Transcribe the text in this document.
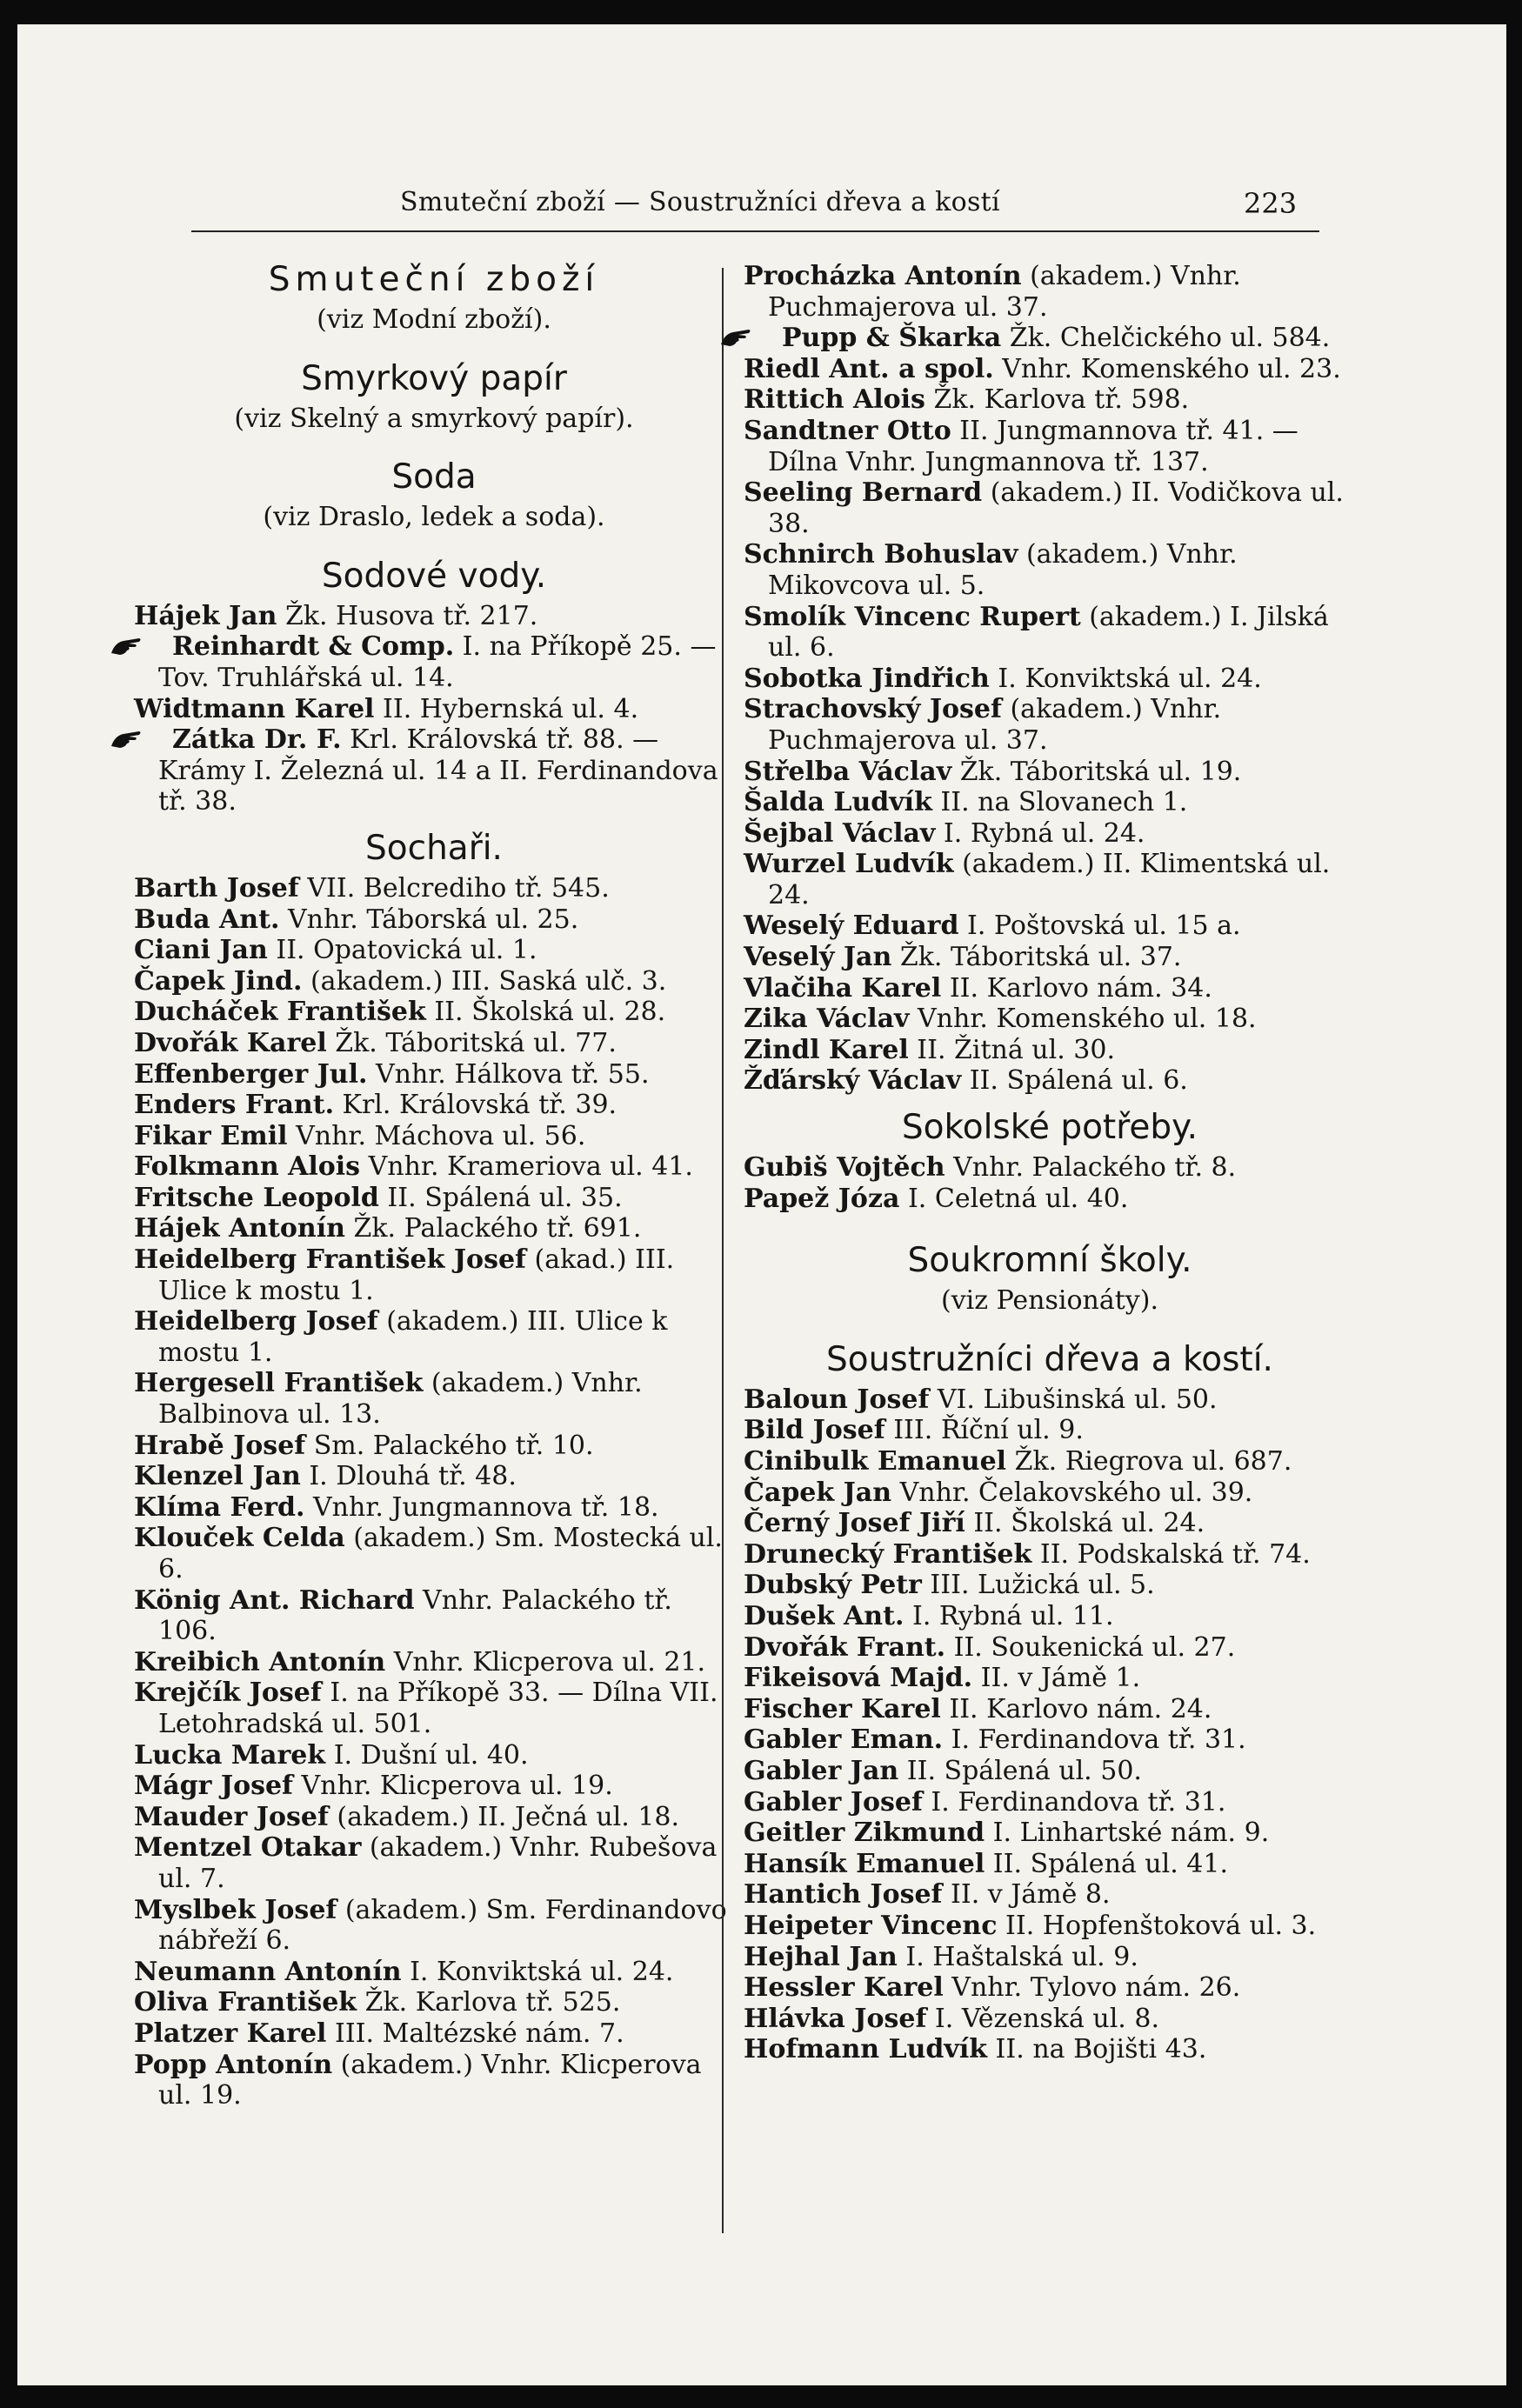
Smuteční zboží — Soustružníci dřeva a kostí	223
Smuteční zboží
(viz Modní zboží).
Smyrkový papír
(viz Skelný a smyrkový papír).
Soda
(viz Draslo, ledek a soda).
Sodové vody.
Hájek Jan Žk. Husova tř. 217.
Reinhardt & Comp. I. na Příkopě 25. — Tov. Truhlářská ul. 14.
Widtmann Karel II. Hybernská ul. 4.
Zátka Dr. F. Krl. Královská tř. 88. — Krámy I. Železná ul. 14 a II. Ferdinandova tř. 38.
Sochaři.
Barth Josef VII. Belcrediho tř. 545.
Buda Ant. Vnhr. Táborská ul. 25.
Ciani Jan II. Opatovická ul. 1.
Čapek Jind. (akadem.) III. Saská ulč. 3.
Ducháček František II. Školská ul. 28.
Dvořák Karel Žk. Táboritská ul. 77.
Effenberger Jul. Vnhr. Hálkova tř. 55.
Enders Frant. Krl. Královská tř. 39.
Fikar Emil Vnhr. Máchova ul. 56.
Folkmann Alois Vnhr. Krameriova ul. 41.
Fritsche Leopold II. Spálená ul. 35.
Hájek Antonín Žk. Palackého tř. 691.
Heidelberg František Josef (akad.) III. Ulice k mostu 1.
Heidelberg Josef (akadem.) III. Ulice k mostu 1.
Hergesell František (akadem.) Vnhr. Balbinova ul. 13.
Hrabě Josef Sm. Palackého tř. 10.
Klenzel Jan I. Dlouhá tř. 48.
Klíma Ferd. Vnhr. Jungmannova tř. 18.
Klouček Celda (akadem.) Sm. Mostecká ul. 6.
König Ant. Richard Vnhr. Palackého tř. 106.
Kreibich Antonín Vnhr. Klicperova ul. 21.
Krejčík Josef I. na Příkopě 33. — Dílna VII. Letohradská ul. 501.
Lucka Marek I. Dušní ul. 40.
Mágr Josef Vnhr. Klicperova ul. 19.
Mauder Josef (akadem.) II. Ječná ul. 18.
Mentzel Otakar (akadem.) Vnhr. Rubešova ul. 7.
Myslbek Josef (akadem.) Sm. Ferdinandovo nábřeží 6.
Neumann Antonín I. Konviktská ul. 24.
Oliva František Žk. Karlova tř. 525.
Platzer Karel III. Maltézské nám. 7.
Popp Antonín (akadem.) Vnhr. Klicperova ul. 19.
Procházka Antonín (akadem.) Vnhr. Puchmajerova ul. 37.
Pupp & Škarka Žk. Chelčického ul. 584.
Riedl Ant. a spol. Vnhr. Komenského ul. 23.
Rittich Alois Žk. Karlova tř. 598.
Sandtner Otto II. Jungmannova tř. 41. — Dílna Vnhr. Jungmannova tř. 137.
Seeling Bernard (akadem.) II. Vodičkova ul. 38.
Schnirch Bohuslav (akadem.) Vnhr. Mikovcova ul. 5.
Smolík Vincenc Rupert (akadem.) I. Jilská ul. 6.
Sobotka Jindřich I. Konviktská ul. 24.
Strachovský Josef (akadem.) Vnhr. Puchmajerova ul. 37.
Střelba Václav Žk. Táboritská ul. 19.
Šalda Ludvík II. na Slovanech 1.
Šejbal Václav I. Rybná ul. 24.
Wurzel Ludvík (akadem.) II. Klimentská ul. 24.
Weselý Eduard I. Poštovská ul. 15 a.
Veselý Jan Žk. Táboritská ul. 37.
Vlačiha Karel II. Karlovo nám. 34.
Zika Václav Vnhr. Komenského ul. 18.
Zindl Karel II. Žitná ul. 30.
Žďárský Václav II. Spálená ul. 6.
Sokolské potřeby.
Gubiš Vojtěch Vnhr. Palackého tř. 8.
Papež Józa I. Celetná ul. 40.
Soukromní školy.
(viz Pensionáty).
Soustružníci dřeva a kostí.
Baloun Josef VI. Libušinská ul. 50.
Bild Josef III. Říční ul. 9.
Cinibulk Emanuel Žk. Riegrova ul. 687.
Čapek Jan Vnhr. Čelakovského ul. 39.
Černý Josef Jiří II. Školská ul. 24.
Drunecký František II. Podskalská tř. 74.
Dubský Petr III. Lužická ul. 5.
Dušek Ant. I. Rybná ul. 11.
Dvořák Frant. II. Soukenická ul. 27.
Fikeisová Majd. II. v Jámě 1.
Fischer Karel II. Karlovo nám. 24.
Gabler Eman. I. Ferdinandova tř. 31.
Gabler Jan II. Spálená ul. 50.
Gabler Josef I. Ferdinandova tř. 31.
Geitler Zikmund I. Linhartské nám. 9.
Hansík Emanuel II. Spálená ul. 41.
Hantich Josef II. v Jámě 8.
Heipeter Vincenc II. Hopfenštoková ul. 3.
Hejhal Jan I. Haštalská ul. 9.
Hessler Karel Vnhr. Tylovo nám. 26.
Hlávka Josef I. Vězenská ul. 8.
Hofmann Ludvík II. na Bojišti 43.
